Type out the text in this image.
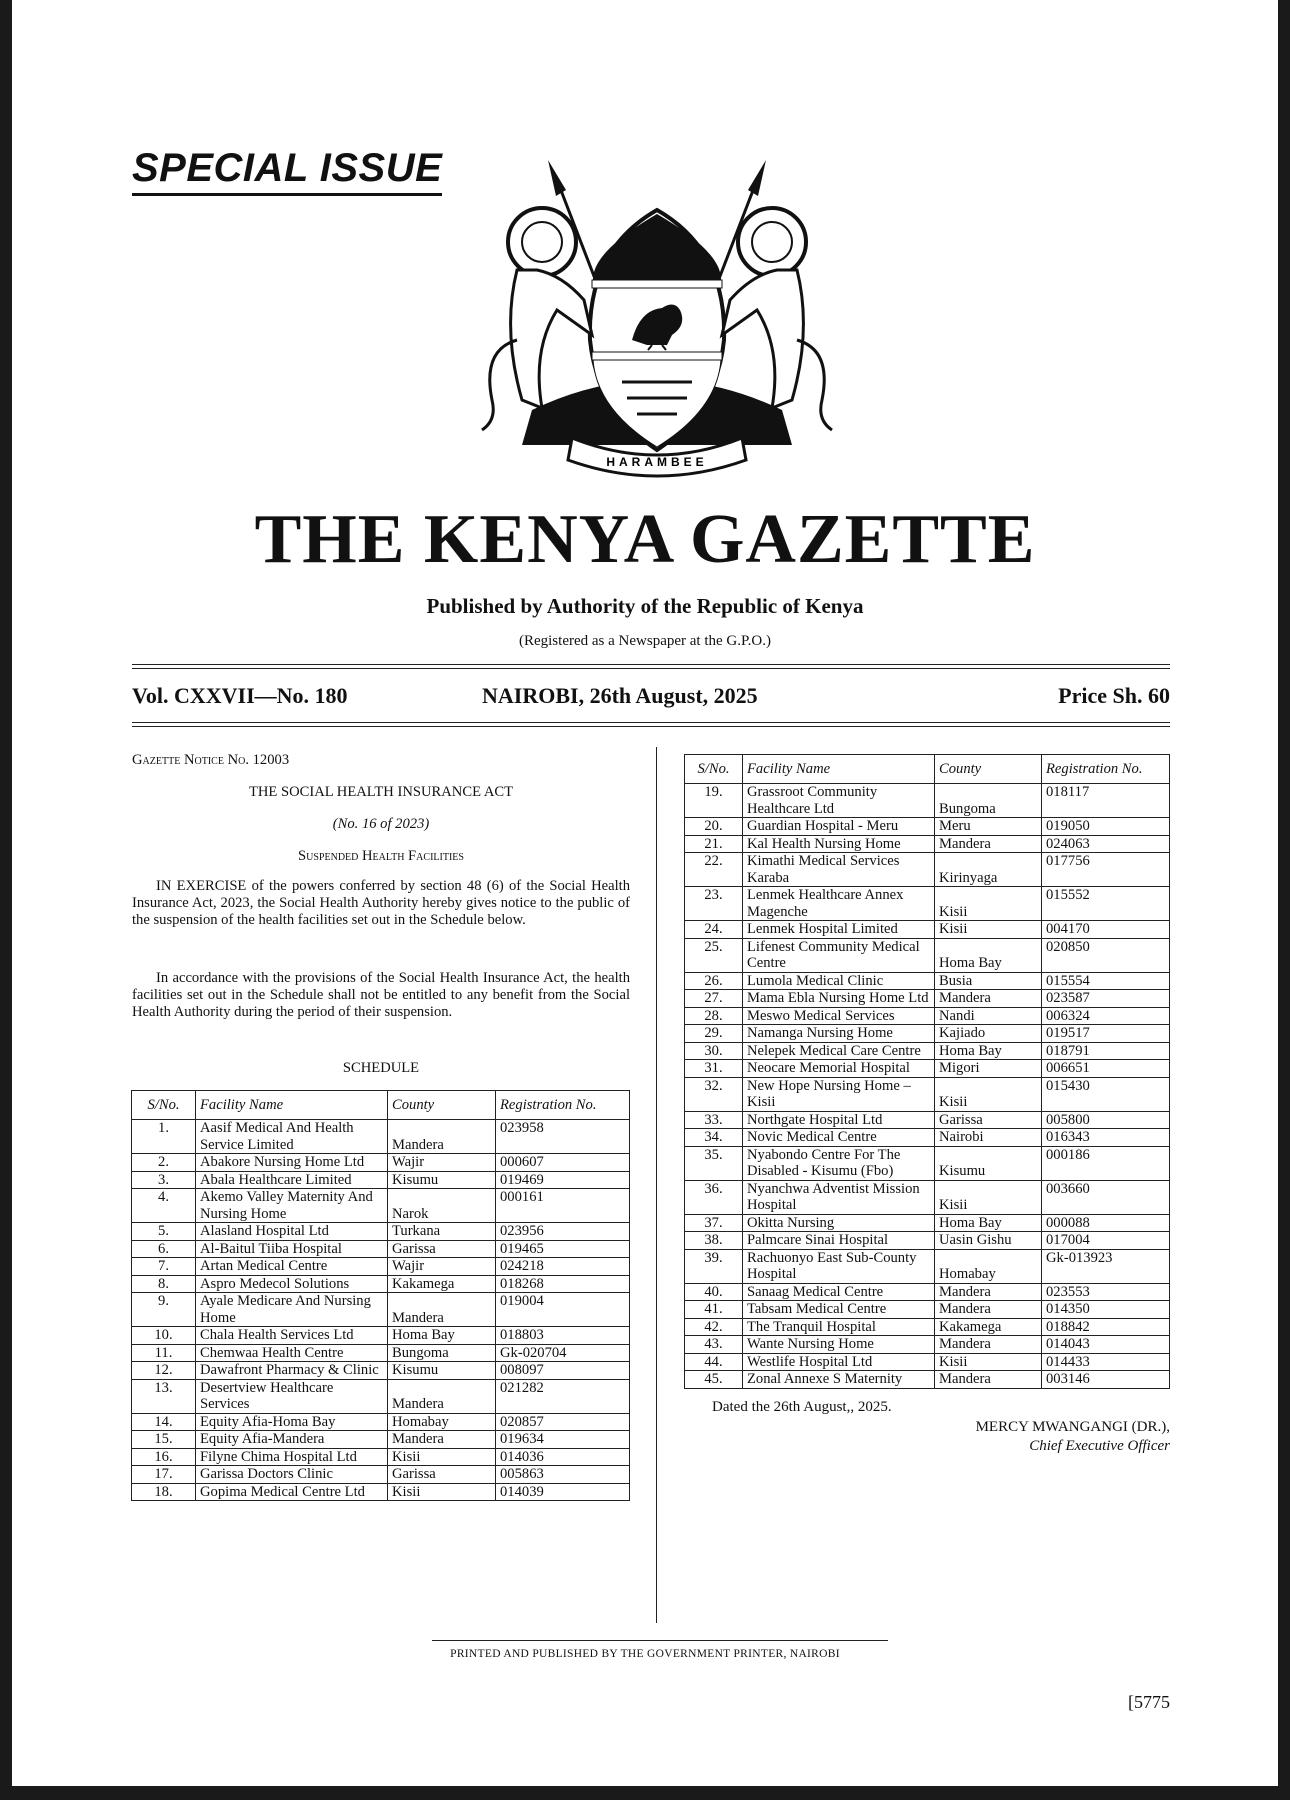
SPECIAL ISSUE
HARAMBEE
THE KENYA GAZETTE
Published by Authority of the Republic of Kenya
(Registered as a Newspaper at the G.P.O.)
Vol. CXXVII—No. 180	NAIROBI, 26th August, 2025	Price Sh. 60
Gazette Notice No. 12003
THE SOCIAL HEALTH INSURANCE ACT
(No. 16 of 2023)
Suspended Health Facilities

IN EXERCISE of the powers conferred by section 48 (6) of the Social Health Insurance Act, 2023, the Social Health Authority hereby gives notice to the public of the suspension of the health facilities set out in the Schedule below.

In accordance with the provisions of the Social Health Insurance Act, the health facilities set out in the Schedule shall not be entitled to any benefit from the Social Health Authority during the period of their suspension.

SCHEDULE
S/No.	Facility Name	County	Registration No.
1.	Aasif Medical And Health Service Limited	Mandera	023958
2.	Abakore Nursing Home Ltd	Wajir	000607
3.	Abala Healthcare Limited	Kisumu	019469
4.	Akemo Valley Maternity And Nursing Home	Narok	000161
5.	Alasland Hospital Ltd	Turkana	023956
6.	Al-Baitul Tiiba Hospital	Garissa	019465
7.	Artan Medical Centre	Wajir	024218
8.	Aspro Medecol Solutions	Kakamega	018268
9.	Ayale Medicare And Nursing Home	Mandera	019004
10.	Chala Health Services Ltd	Homa Bay	018803
11.	Chemwaa Health Centre	Bungoma	Gk-020704
12.	Dawafront Pharmacy & Clinic	Kisumu	008097
13.	Desertview Healthcare Services	Mandera	021282
14.	Equity Afia-Homa Bay	Homabay	020857
15.	Equity Afia-Mandera	Mandera	019634
16.	Filyne Chima Hospital Ltd	Kisii	014036
17.	Garissa Doctors Clinic	Garissa	005863
18.	Gopima Medical Centre Ltd	Kisii	014039
S/No.	Facility Name	County	Registration No.
19.	Grassroot Community Healthcare Ltd	Bungoma	018117
20.	Guardian Hospital - Meru	Meru	019050
21.	Kal Health Nursing Home	Mandera	024063
22.	Kimathi Medical Services Karaba	Kirinyaga	017756
23.	Lenmek Healthcare Annex Magenche	Kisii	015552
24.	Lenmek Hospital Limited	Kisii	004170
25.	Lifenest Community Medical Centre	Homa Bay	020850
26.	Lumola Medical Clinic	Busia	015554
27.	Mama Ebla Nursing Home Ltd	Mandera	023587
28.	Meswo Medical Services	Nandi	006324
29.	Namanga Nursing Home	Kajiado	019517
30.	Nelepek Medical Care Centre	Homa Bay	018791
31.	Neocare Memorial Hospital	Migori	006651
32.	New Hope Nursing Home – Kisii	Kisii	015430
33.	Northgate Hospital Ltd	Garissa	005800
34.	Novic Medical Centre	Nairobi	016343
35.	Nyabondo Centre For The Disabled - Kisumu (Fbo)	Kisumu	000186
36.	Nyanchwa Adventist Mission Hospital	Kisii	003660
37.	Okitta Nursing	Homa Bay	000088
38.	Palmcare Sinai Hospital	Uasin Gishu	017004
39.	Rachuonyo East Sub-County Hospital	Homabay	Gk-013923
40.	Sanaag Medical Centre	Mandera	023553
41.	Tabsam Medical Centre	Mandera	014350
42.	The Tranquil Hospital	Kakamega	018842
43.	Wante Nursing Home	Mandera	014043
44.	Westlife Hospital Ltd	Kisii	014433
45.	Zonal Annexe S Maternity	Mandera	003146
Dated the 26th August,, 2025.
MERCY MWANGANGI (DR.),
Chief Executive Officer
PRINTED AND PUBLISHED BY THE GOVERNMENT PRINTER, NAIROBI
[5775
